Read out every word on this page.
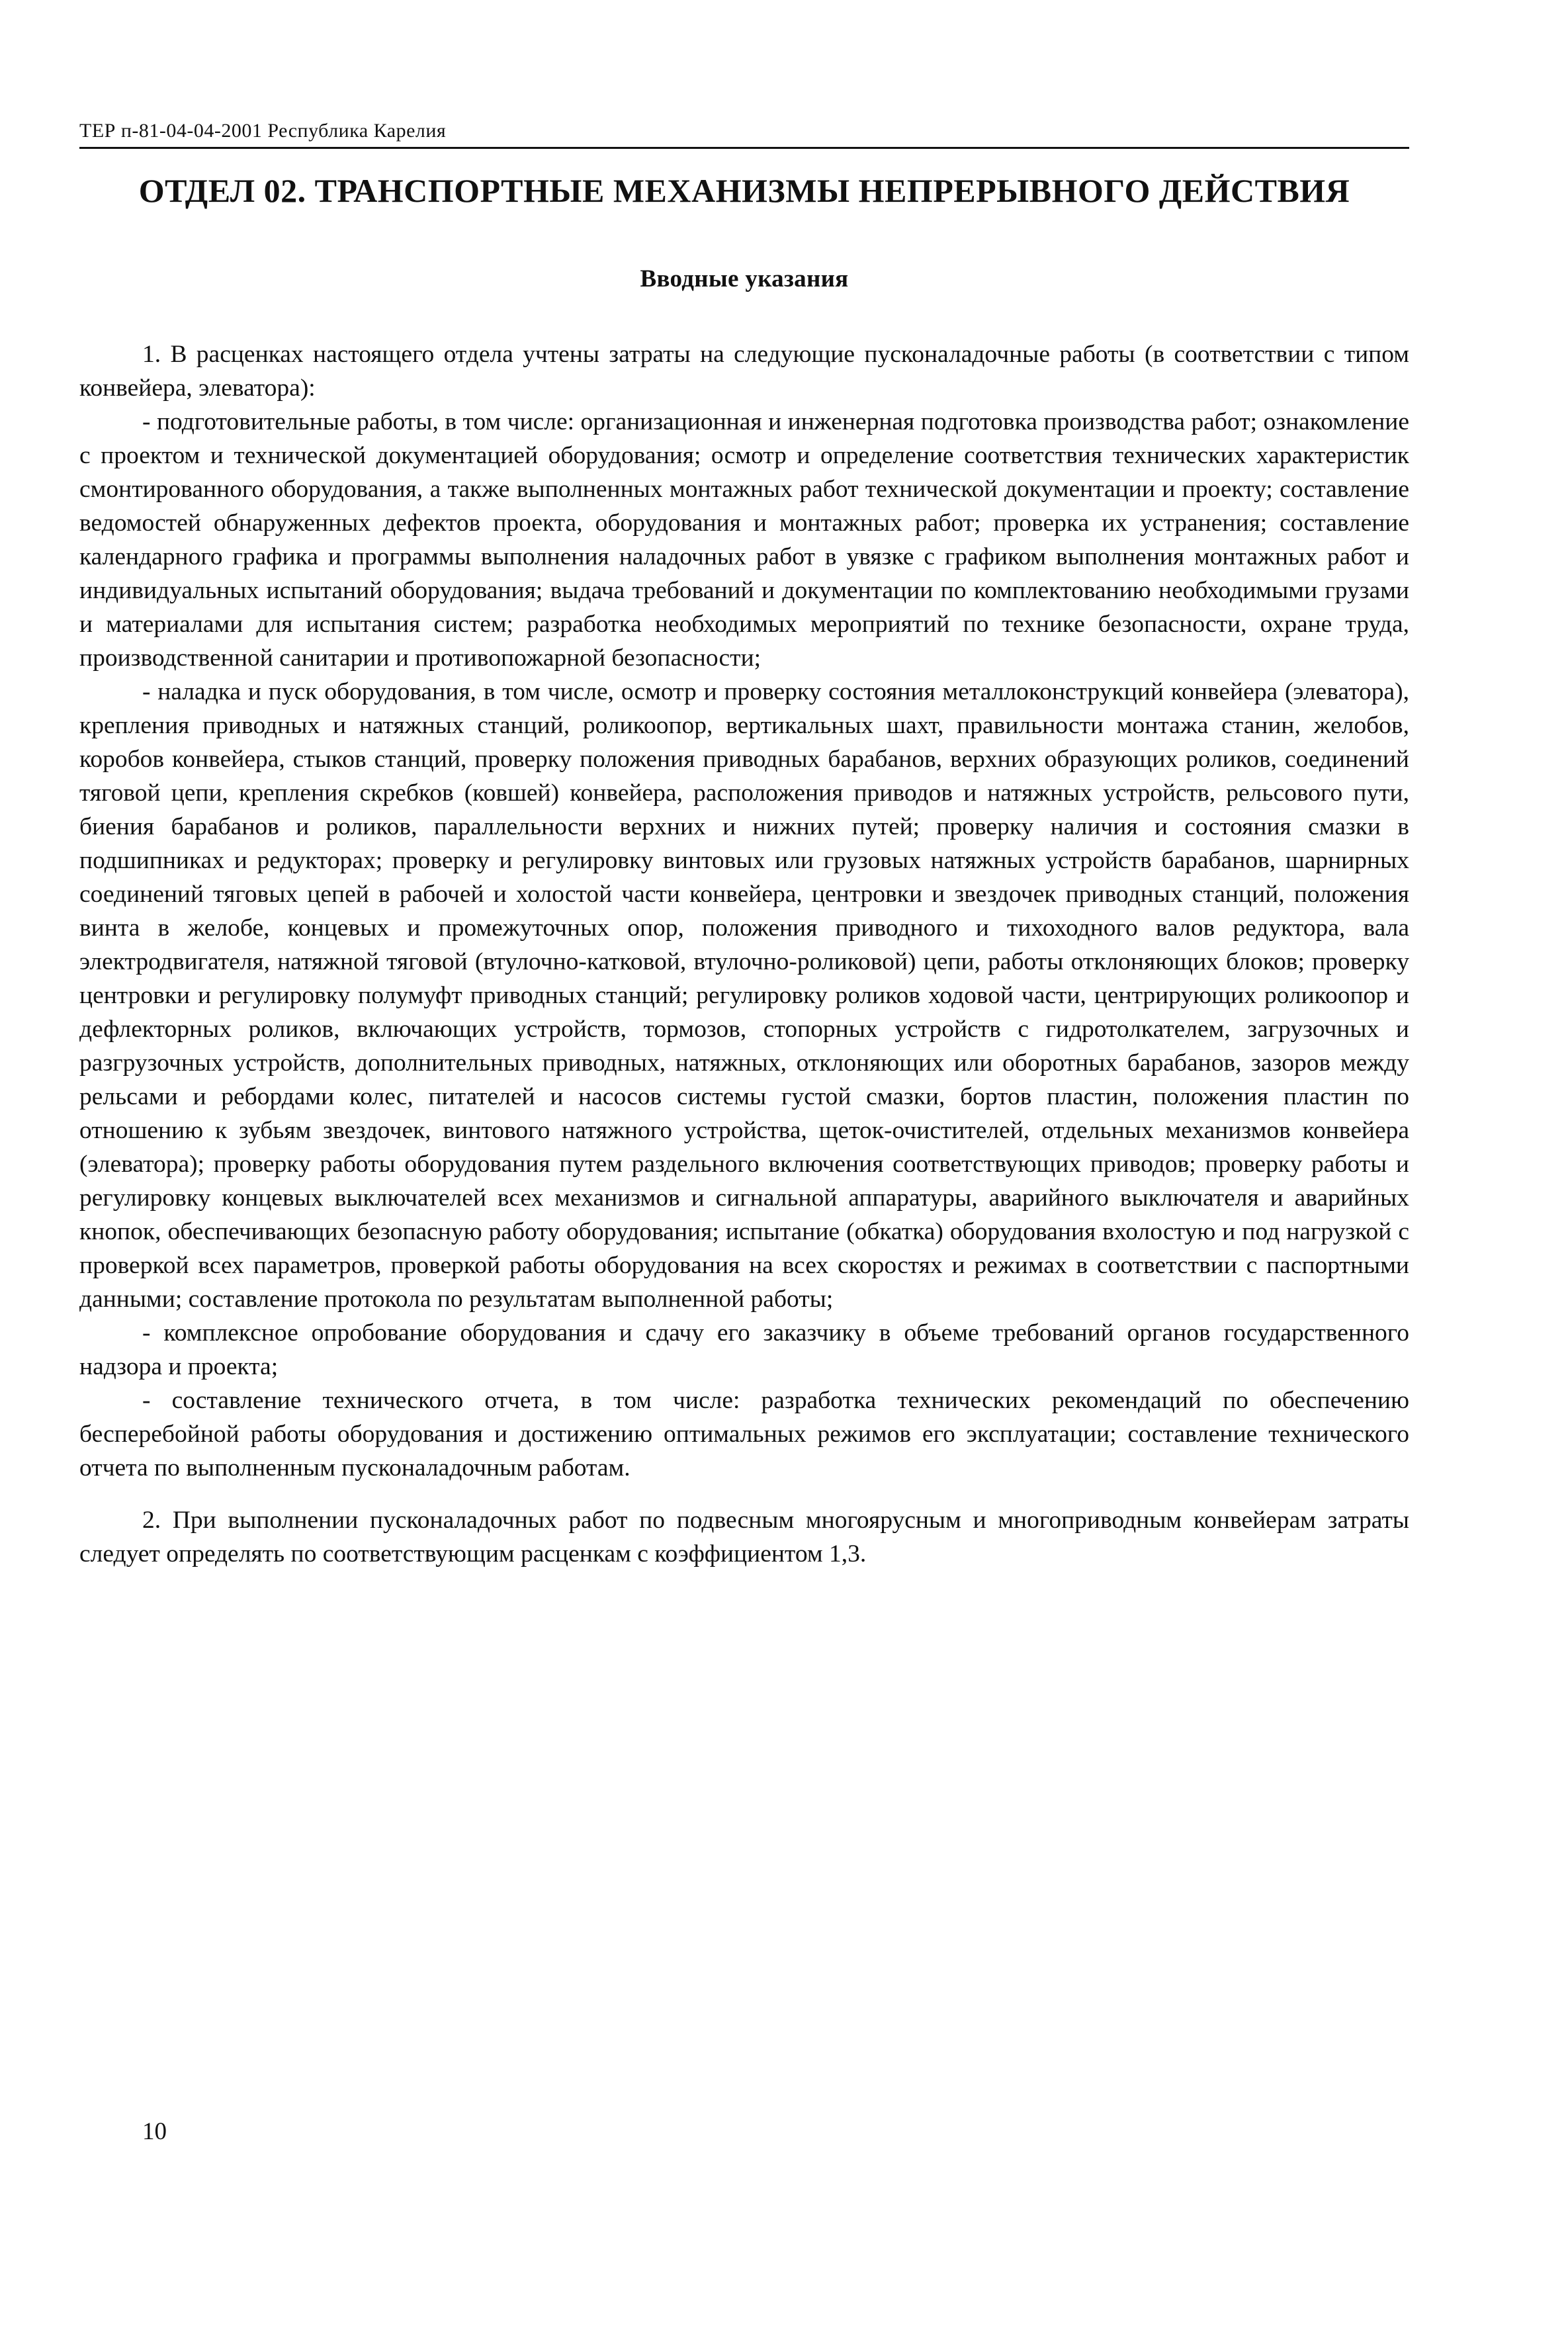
ТЕР п-81-04-04-2001 Республика Карелия
ОТДЕЛ 02. ТРАНСПОРТНЫЕ МЕХАНИЗМЫ НЕПРЕРЫВНОГО ДЕЙСТВИЯ
Вводные указания

1. В расценках настоящего отдела учтены затраты на следующие пусконаладочные работы (в соответствии с типом конвейера, элеватора):

- подготовительные работы, в том числе: организационная и инженерная подготовка производства работ; ознакомление с проектом и технической документацией оборудования; осмотр и определение соответствия технических характеристик смонтированного оборудования, а также выполненных монтажных работ технической документации и проекту; составление ведомостей обнаруженных дефектов проекта, оборудования и монтажных работ; проверка их устранения; составление календарного графика и программы выполнения наладочных работ в увязке с графиком выполнения монтажных работ и индивидуальных испытаний оборудования; выдача требований и документации по комплектованию необходимыми грузами и материалами для испытания систем; разработка необходимых мероприятий по технике безопасности, охране труда, производственной санитарии и противопожарной безопасности;

- наладка и пуск оборудования, в том числе, осмотр и проверку состояния металлоконструкций конвейера (элеватора), крепления приводных и натяжных станций, роликоопор, вертикальных шахт, правильности монтажа станин, желобов, коробов конвейера, стыков станций, проверку положения приводных барабанов, верхних образующих роликов, соединений тяговой цепи, крепления скребков (ковшей) конвейера, расположения приводов и натяжных устройств, рельсового пути, биения барабанов и роликов, параллельности верхних и нижних путей; проверку наличия и состояния смазки в подшипниках и редукторах; проверку и регулировку винтовых или грузовых натяжных устройств барабанов, шарнирных соединений тяговых цепей в рабочей и холостой части конвейера, центровки и звездочек приводных станций, положения винта в желобе, концевых и промежуточных опор, положения приводного и тихоходного валов редуктора, вала электродвигателя, натяжной тяговой (втулочно-катковой, втулочно-роликовой) цепи, работы отклоняющих блоков; проверку центровки и регулировку полумуфт приводных станций; регулировку роликов ходовой части, центрирующих роликоопор и дефлекторных роликов, включающих устройств, тормозов, стопорных устройств с гидротолкателем, загрузочных и разгрузочных устройств, дополнительных приводных, натяжных, отклоняющих или оборотных барабанов, зазоров между рельсами и ребордами колес, питателей и насосов системы густой смазки, бортов пластин, положения пластин по отношению к зубьям звездочек, винтового натяжного устройства, щеток-очистителей, отдельных механизмов конвейера (элеватора); проверку работы оборудования путем раздельного включения соответствующих приводов; проверку работы и регулировку концевых выключателей всех механизмов и сигнальной аппаратуры, аварийного выключателя и аварийных кнопок, обеспечивающих безопасную работу оборудования; испытание (обкатка) оборудования вхолостую и под нагрузкой с проверкой всех параметров, проверкой работы оборудования на всех скоростях и режимах в соответствии с паспортными данными; составление протокола по результатам выполненной работы;

- комплексное опробование оборудования и сдачу его заказчику в объеме требований органов государственного надзора и проекта;

- составление технического отчета, в том числе: разработка технических рекомендаций по обеспечению бесперебойной работы оборудования и достижению оптимальных режимов его эксплуатации; составление технического отчета по выполненным пусконаладочным работам.

2. При выполнении пусконаладочных работ по подвесным многоярусным и многоприводным конвейерам затраты следует определять по соответствующим расценкам с коэффициентом 1,3.

10
